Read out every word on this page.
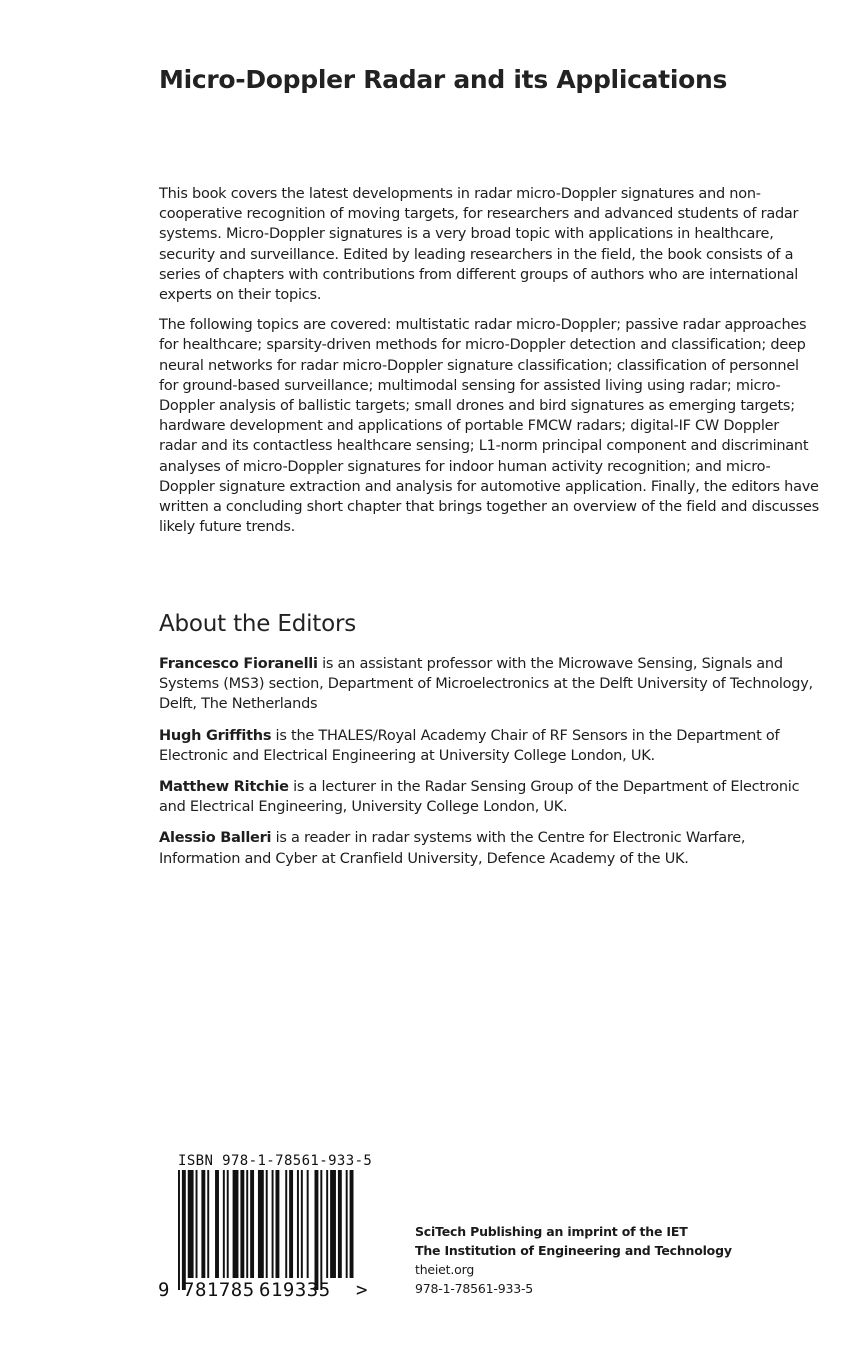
Micro-Doppler Radar and its Applications

This book covers the latest developments in radar micro-Doppler signatures and non-cooperative recognition of moving targets, for researchers and advanced students of radar systems. Micro-Doppler signatures is a very broad topic with applications in healthcare, security and surveillance. Edited by leading researchers in the field, the book consists of a series of chapters with contributions from different groups of authors who are international experts on their topics.

The following topics are covered: multistatic radar micro-Doppler; passive radar approaches for healthcare; sparsity-driven methods for micro-Doppler detection and classification; deep neural networks for radar micro-Doppler signature classification; classification of personnel for ground-based surveillance; multimodal sensing for assisted living using radar; micro-Doppler analysis of ballistic targets; small drones and bird signatures as emerging targets; hardware development and applications of portable FMCW radars; digital-IF CW Doppler radar and its contactless healthcare sensing; L1-norm principal component and discriminant analyses of micro-Doppler signatures for indoor human activity recognition; and micro-Doppler signature extraction and analysis for automotive application. Finally, the editors have written a concluding short chapter that brings together an overview of the field and discusses likely future trends.

About the Editors

Francesco Fioranelli is an assistant professor with the Microwave Sensing, Signals and Systems (MS3) section, Department of Microelectronics at the Delft University of Technology, Delft, The Netherlands

Hugh Griffiths is the THALES/Royal Academy Chair of RF Sensors in the Department of Electronic and Electrical Engineering at University College London, UK.

Matthew Ritchie is a lecturer in the Radar Sensing Group of the Department of Electronic and Electrical Engineering, University College London, UK.

Alessio Balleri is a reader in radar systems with the Centre for Electronic Warfare, Information and Cyber at Cranfield University, Defence Academy of the UK.

ISBN 978-1-78561-933-5
9 781785 619335 >
SciTech Publishing an imprint of the IET
The Institution of Engineering and Technology
theiet.org
978-1-78561-933-5
